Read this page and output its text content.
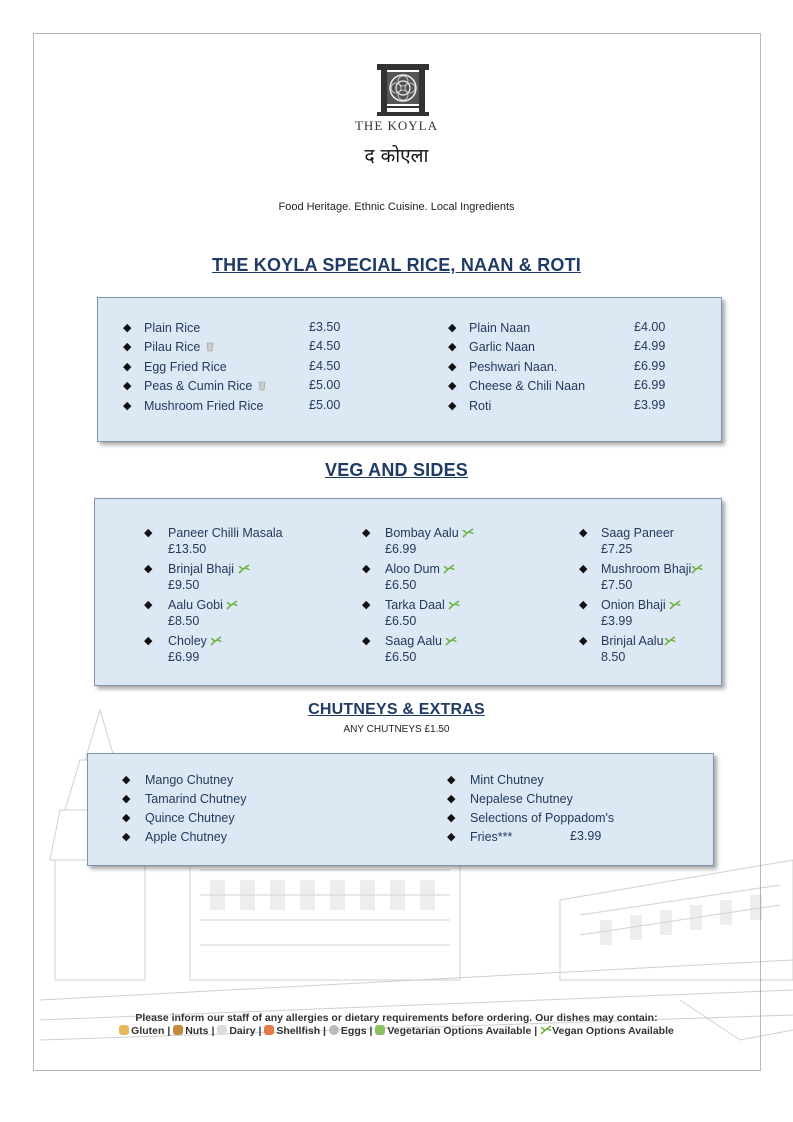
THE KOYLA
द कोएला
Food Heritage. Ethnic Cuisine. Local Ingredients
THE KOYLA SPECIAL RICE, NAAN & ROTI
◆ Plain Rice	£3.50
◆ Pilau Rice	£4.50
◆ Egg Fried Rice	£4.50
◆ Peas & Cumin Rice	£5.00
◆ Mushroom Fried Rice	£5.00
◆ Plain Naan	£4.00
◆ Garlic Naan	£4.99
◆ Peshwari Naan.	£6.99
◆ Cheese & Chili Naan	£6.99
◆ Roti	£3.99
VEG AND SIDES
◆ Paneer Chilli Masala
£13.50
◆ Brinjal Bhaji
£9.50
◆ Aalu Gobi
£8.50
◆ Choley
£6.99
◆ Bombay Aalu
£6.99
◆ Aloo Dum
£6.50
◆ Tarka Daal
£6.50
◆ Saag Aalu
£6.50
◆ Saag Paneer
£7.25
◆ Mushroom Bhaji
£7.50
◆ Onion Bhaji
£3.99
◆ Brinjal Aalu
8.50
CHUTNEYS & EXTRAS
ANY CHUTNEYS £1.50
◆ Mango Chutney
◆ Tamarind Chutney
◆ Quince Chutney
◆ Apple Chutney
◆ Mint Chutney
◆ Nepalese Chutney
◆ Selections of Poppadom's
◆ Fries***	£3.99
Please inform our staff of any allergies or dietary requirements before ordering. Our dishes may contain:
Gluten | Nuts | Dairy | Shellfish | Eggs | Vegetarian Options Available | Vegan Options Available
